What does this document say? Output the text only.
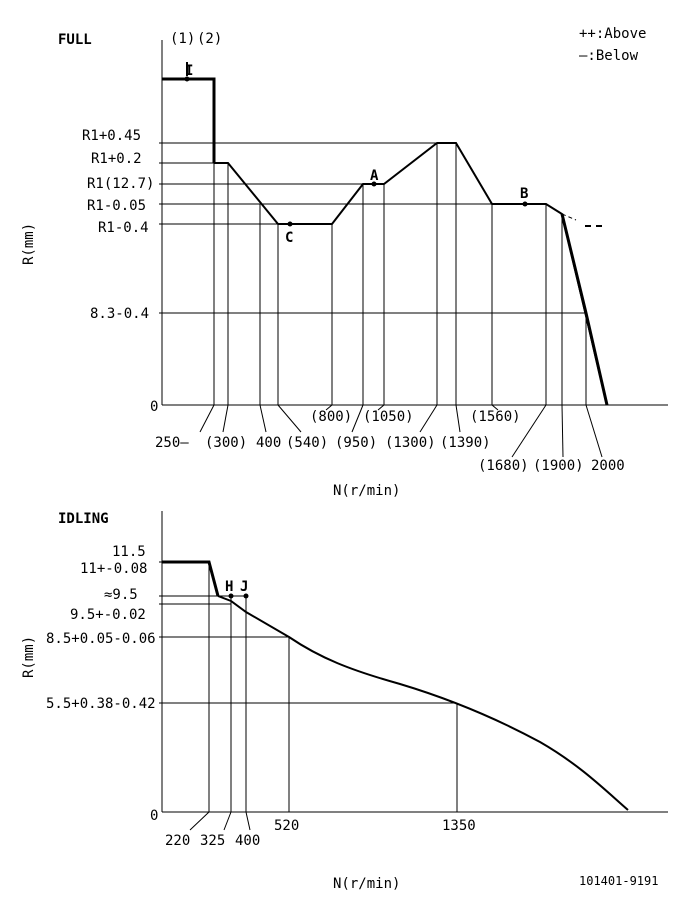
FULL	(1) (2)	++:Above
—:Below
I
A
B
C
R1+0.45
R1+0.2
R1(12.7)
R1-0.05
R1-0.4
8.3-0.4
0
250— (300) 400 (540)
(800)
(950)
(1050)
(1300) (1390)
(1560)
(1680) (1900) 2000
R(mm)
N(r/min)
IDLING
H J
11.5
11+-0.08
≈9.5
9.5+-0.02
8.5+0.05-0.06
5.5+0.38-0.42
0
220 325 400
520	1350
R(mm)
N(r/min)	101401-9191
